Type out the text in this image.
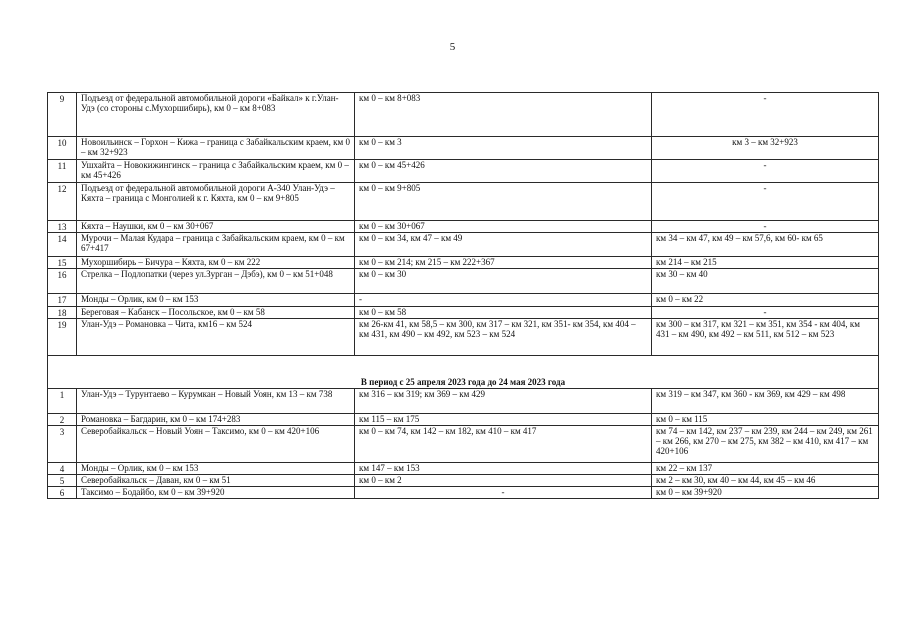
5
9	Подъезд от федеральной автомобильной дороги «Байкал» к г.Улан-Удэ (со стороны с.Мухоршибирь), км 0 – км 8+083	км 0 – км 8+083	-
10	Новоильинск – Горхон – Кижа – граница с Забайкальским краем, км 0 – км 32+923	км 0 – км 3	км 3 – км 32+923
11	Ушхайта – Новокижингинск – граница с Забайкальским краем, км 0 – км 45+426	км 0 – км 45+426	-
12	Подъезд от федеральной автомобильной дороги А-340 Улан-Удэ – Кяхта – граница с Монголией к г. Кяхта, км 0 – км 9+805	км 0 – км 9+805	-
13	Кяхта – Наушки, км 0 – км 30+067	км 0 – км 30+067	-
14	Мурочи – Малая Кудара – граница с Забайкальским краем, км 0 – км 67+417	км 0 – км 34, км 47 – км 49	км 34 – км 47, км 49 – км 57,6, км 60- км 65
15	Мухоршибирь – Бичура – Кяхта, км 0 – км 222	км 0 – км 214; км 215 – км 222+367	км 214 – км 215
16	Стрелка – Подлопатки (через ул.Зурган – Дэбэ), км 0 – км 51+048	км 0 – км 30	км 30 – км 40
17	Монды – Орлик, км 0 – км 153	-	км 0 – км 22
18	Береговая – Кабанск – Посольское, км 0 – км 58	км 0 – км 58	-
19	Улан-Удэ – Романовка – Чита, км16 – км 524	км 26-км 41, км 58,5 – км 300, км 317 – км 321, км 351- км 354, км 404 – км 431, км 490 – км 492, км 523 – км 524	км 300 – км 317, км 321 – км 351, км 354 - км 404, км 431 – км 490, км 492 – км 511, км 512 – км 523
В период с 25 апреля 2023 года до 24 мая 2023 года			
1	Улан-Удэ – Турунтаево – Курумкан – Новый Уоян, км 13 – км 738	км 316 – км 319; км 369 – км 429	км 319 – км 347, км 360 - км 369, км 429 – км 498
2	Романовка – Багдарин, км 0 – км 174+283	км 115 – км 175	км 0 – км 115
3	Северобайкальск – Новый Уоян – Таксимо, км 0 – км 420+106	км 0 – км 74, км 142 – км 182, км 410 – км 417	км 74 – км 142, км 237 – км 239, км 244 – км 249, км 261 – км 266, км 270 – км 275, км 382 – км 410, км 417 – км 420+106
4	Монды – Орлик, км 0 – км 153	км 147 – км 153	км 22 – км 137
5	Северобайкальск – Даван, км 0 – км 51	км 0 – км 2	км 2 – км 30, км 40 – км 44, км 45 – км 46
6	Таксимо – Бодайбо, км 0 – км 39+920	-	км 0 – км 39+920
